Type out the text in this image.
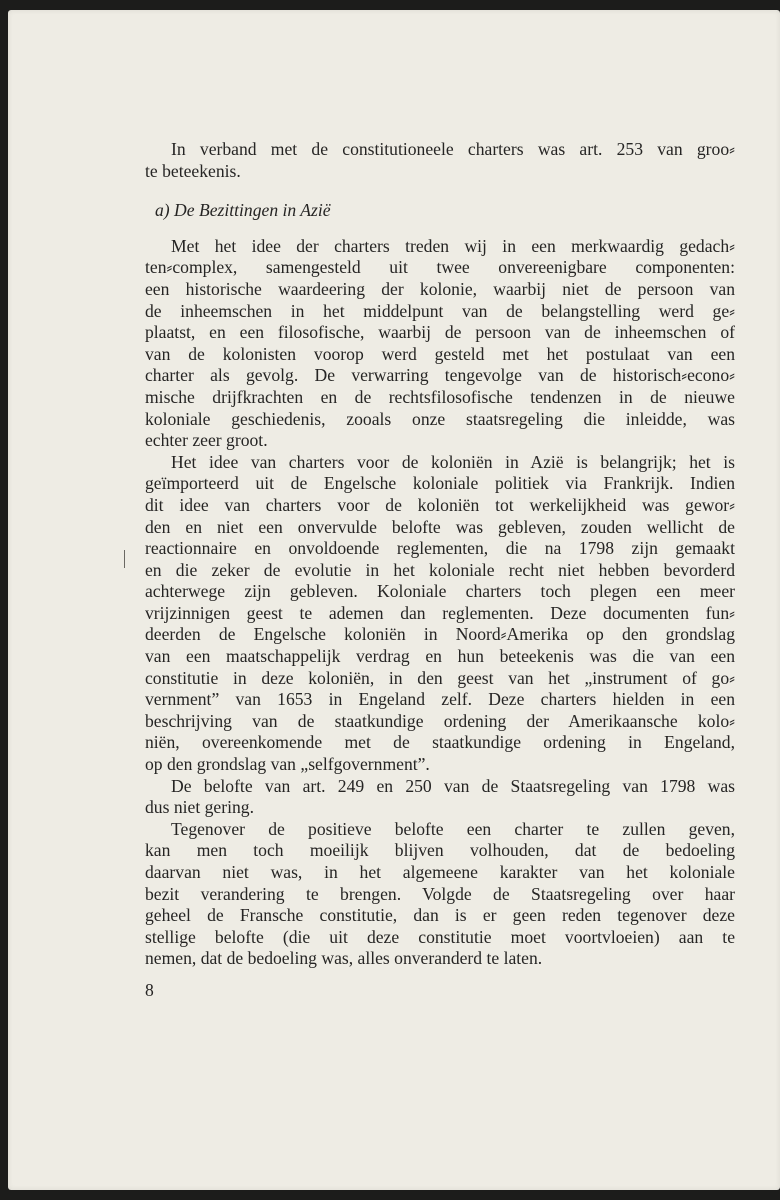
In verband met de constitutioneele charters was art. 253 van groo⸗
te beteekenis.
a) De Bezittingen in Azië
Met het idee der charters treden wij in een merkwaardig gedach⸗
ten⸗complex, samengesteld uit twee onvereenigbare componenten:
een historische waardeering der kolonie, waarbij niet de persoon van
de inheemschen in het middelpunt van de belangstelling werd ge⸗
plaatst, en een filosofische, waarbij de persoon van de inheemschen of
van de kolonisten voorop werd gesteld met het postulaat van een
charter als gevolg. De verwarring tengevolge van de historisch⸗econo⸗
mische drijfkrachten en de rechtsfilosofische tendenzen in de nieuwe
koloniale geschiedenis, zooals onze staatsregeling die inleidde, was
echter zeer groot.
Het idee van charters voor de koloniën in Azië is belangrijk; het is
geïmporteerd uit de Engelsche koloniale politiek via Frankrijk. Indien
dit idee van charters voor de koloniën tot werkelijkheid was gewor⸗
den en niet een onvervulde belofte was gebleven, zouden wellicht de
reactionnaire en onvoldoende reglementen, die na 1798 zijn gemaakt
en die zeker de evolutie in het koloniale recht niet hebben bevorderd
achterwege zijn gebleven. Koloniale charters toch plegen een meer
vrijzinnigen geest te ademen dan reglementen. Deze documenten fun⸗
deerden de Engelsche koloniën in Noord⸗Amerika op den grondslag
van een maatschappelijk verdrag en hun beteekenis was die van een
constitutie in deze koloniën, in den geest van het „instrument of go⸗
vernment” van 1653 in Engeland zelf. Deze charters hielden in een
beschrijving van de staatkundige ordening der Amerikaansche kolo⸗
niën, overeenkomende met de staatkundige ordening in Engeland,
op den grondslag van „selfgovernment”.
De belofte van art. 249 en 250 van de Staatsregeling van 1798 was
dus niet gering.
Tegenover de positieve belofte een charter te zullen geven,
kan men toch moeilijk blijven volhouden, dat de bedoeling
daarvan niet was, in het algemeene karakter van het koloniale
bezit verandering te brengen. Volgde de Staatsregeling over haar
geheel de Fransche constitutie, dan is er geen reden tegenover deze
stellige belofte (die uit deze constitutie moet voortvloeien) aan te
nemen, dat de bedoeling was, alles onveranderd te laten.
8
